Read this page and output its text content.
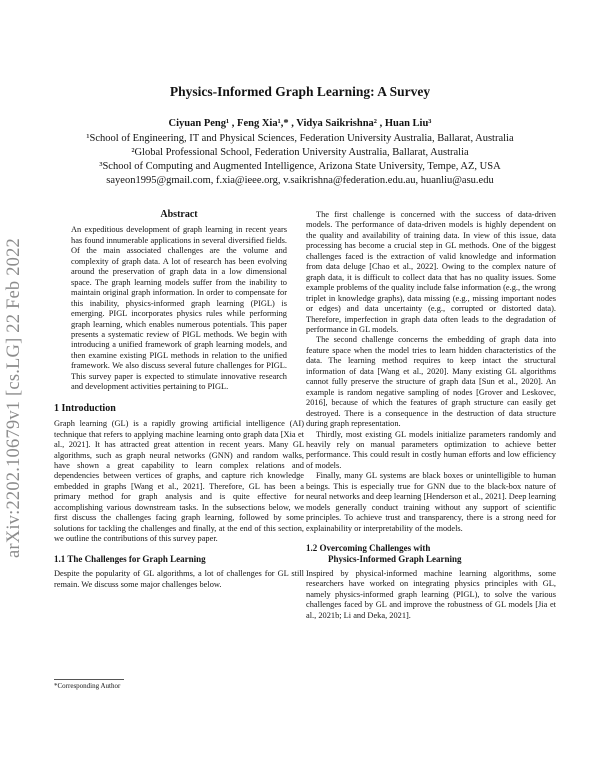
arXiv:2202.10679v1 [cs.LG] 22 Feb 2022
Physics-Informed Graph Learning: A Survey
Ciyuan Peng¹ , Feng Xia¹,* , Vidya Saikrishna² , Huan Liu³
¹School of Engineering, IT and Physical Sciences, Federation University Australia, Ballarat, Australia
²Global Professional School, Federation University Australia, Ballarat, Australia
³School of Computing and Augmented Intelligence, Arizona State University, Tempe, AZ, USA
sayeon1995@gmail.com, f.xia@ieee.org, v.saikrishna@federation.edu.au, huanliu@asu.edu
Abstract

An expeditious development of graph learning in recent years has found innumerable applications in several diversified fields. Of the main associated challenges are the volume and complexity of graph data. A lot of research has been evolving around the preservation of graph data in a low dimensional space. The graph learning models suffer from the inability to maintain original graph information. In order to compensate for this inability, physics-informed graph learning (PIGL) is emerging. PIGL incorporates physics rules while performing graph learning, which enables numerous potentials. This paper presents a systematic review of PIGL methods. We begin with introducing a unified framework of graph learning models, and then examine existing PIGL methods in relation to the unified framework. We also discuss several future challenges for PIGL. This survey paper is expected to stimulate innovative research and development activities pertaining to PIGL.

1 Introduction

Graph learning (GL) is a rapidly growing artificial intelligence (AI) technique that refers to applying machine learning onto graph data [Xia et al., 2021]. It has attracted great attention in recent years. Many GL algorithms, such as graph neural networks (GNN) and random walks, have shown a great capability to learn complex relations and dependencies between vertices of graphs, and capture rich knowledge embedded in graphs [Wang et al., 2021]. Therefore, GL has been a primary method for graph analysis and is quite effective for accomplishing various downstream tasks. In the subsections below, we first discuss the challenges facing graph learning, followed by some solutions for tackling the challenges and finally, at the end of this section, we outline the contributions of this survey paper.

1.1 The Challenges for Graph Learning

Despite the popularity of GL algorithms, a lot of challenges for GL still remain. We discuss some major challenges below.

The first challenge is concerned with the success of data-driven models. The performance of data-driven models is highly dependent on the quality and availability of training data. In view of this issue, data processing has become a crucial step in GL methods. One of the biggest challenges faced is the extraction of valid knowledge and information from data deluge [Chao et al., 2022]. Owing to the complex nature of graph data, it is difficult to collect data that has no quality issues. Some example problems of the quality include false information (e.g., the wrong triplet in knowledge graphs), data missing (e.g., missing important nodes or edges) and data uncertainty (e.g., corrupted or distorted data). Therefore, imperfection in graph data often leads to the degradation of performance in GL models.

The second challenge concerns the embedding of graph data into feature space when the model tries to learn hidden characteristics of the data. The learning method requires to keep intact the structural information of data [Wang et al., 2020]. Many existing GL algorithms cannot fully preserve the structure of graph data [Sun et al., 2020]. An example is random negative sampling of nodes [Grover and Leskovec, 2016], because of which the features of graph structure can easily get destroyed. There is a consequence in the destruction of data structure during graph representation.

Thirdly, most existing GL models initialize parameters randomly and heavily rely on manual parameters optimization to achieve better performance. This could result in costly human efforts and low efficiency of models.

Finally, many GL systems are black boxes or unintelligible to human beings. This is especially true for GNN due to the black-box nature of neural networks and deep learning [Henderson et al., 2021]. Deep learning models generally conduct training without any support of scientific principles. To achieve trust and transparency, there is a strong need for explainability or interpretability of the models.

1.2 Overcoming Challenges with
Physics-Informed Graph Learning

Inspired by physical-informed machine learning algorithms, some researchers have worked on integrating physics principles with GL, namely physics-informed graph learning (PIGL), to solve the various challenges faced by GL and improve the robustness of GL models [Jia et al., 2021b; Li and Deka, 2021].

*Corresponding Author
